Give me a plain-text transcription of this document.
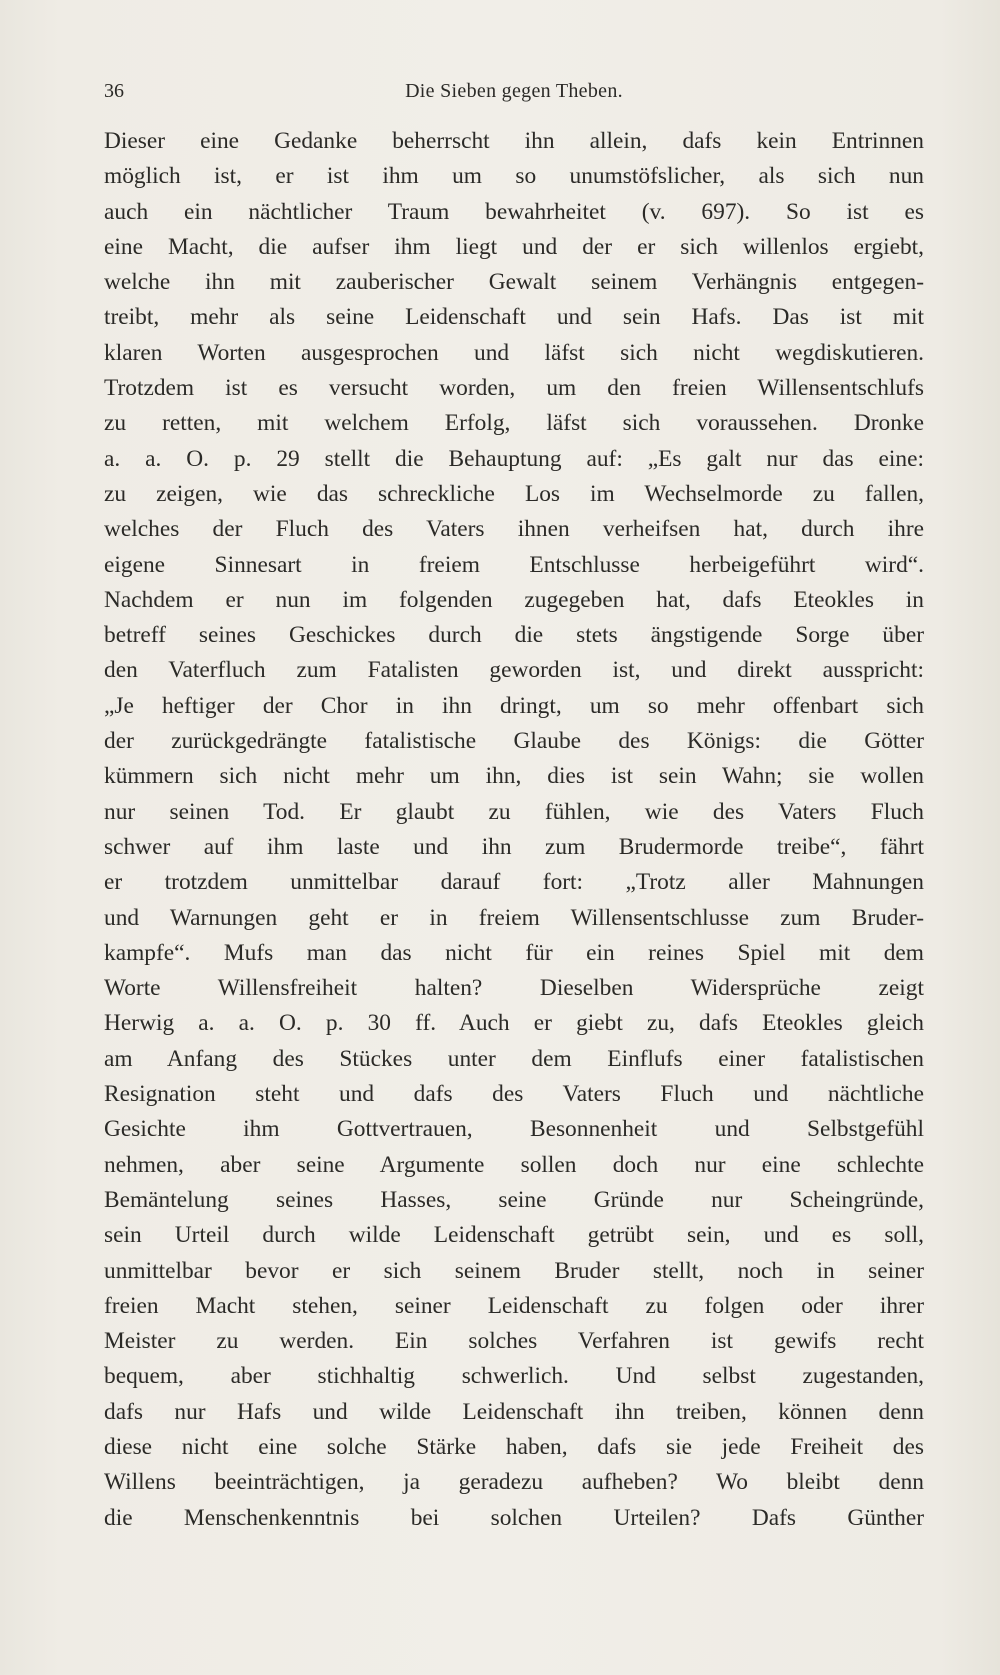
36	Die Sieben gegen Theben.
Dieser eine Gedanke beherrscht ihn allein, dafs kein Entrinnen
möglich ist, er ist ihm um so unumstöfslicher, als sich nun
auch ein nächtlicher Traum bewahrheitet (v. 697). So ist es
eine Macht, die aufser ihm liegt und der er sich willenlos ergiebt,
welche ihn mit zauberischer Gewalt seinem Verhängnis entgegen-
treibt, mehr als seine Leidenschaft und sein Hafs. Das ist mit
klaren Worten ausgesprochen und läfst sich nicht wegdiskutieren.
Trotzdem ist es versucht worden, um den freien Willensentschlufs
zu retten, mit welchem Erfolg, läfst sich voraussehen. Dronke
a. a. O. p. 29 stellt die Behauptung auf: „Es galt nur das eine:
zu zeigen, wie das schreckliche Los im Wechselmorde zu fallen,
welches der Fluch des Vaters ihnen verheifsen hat, durch ihre
eigene Sinnesart in freiem Entschlusse herbeigeführt wird“.
Nachdem er nun im folgenden zugegeben hat, dafs Eteokles in
betreff seines Geschickes durch die stets ängstigende Sorge über
den Vaterfluch zum Fatalisten geworden ist, und direkt ausspricht:
„Je heftiger der Chor in ihn dringt, um so mehr offenbart sich
der zurückgedrängte fatalistische Glaube des Königs: die Götter
kümmern sich nicht mehr um ihn, dies ist sein Wahn; sie wollen
nur seinen Tod. Er glaubt zu fühlen, wie des Vaters Fluch
schwer auf ihm laste und ihn zum Brudermorde treibe“, fährt
er trotzdem unmittelbar darauf fort: „Trotz aller Mahnungen
und Warnungen geht er in freiem Willensentschlusse zum Bruder-
kampfe“. Mufs man das nicht für ein reines Spiel mit dem
Worte Willensfreiheit halten? Dieselben Widersprüche zeigt
Herwig a. a. O. p. 30 ff. Auch er giebt zu, dafs Eteokles gleich
am Anfang des Stückes unter dem Einflufs einer fatalistischen
Resignation steht und dafs des Vaters Fluch und nächtliche
Gesichte ihm Gottvertrauen, Besonnenheit und Selbstgefühl
nehmen, aber seine Argumente sollen doch nur eine schlechte
Bemäntelung seines Hasses, seine Gründe nur Scheingründe,
sein Urteil durch wilde Leidenschaft getrübt sein, und es soll,
unmittelbar bevor er sich seinem Bruder stellt, noch in seiner
freien Macht stehen, seiner Leidenschaft zu folgen oder ihrer
Meister zu werden. Ein solches Verfahren ist gewifs recht
bequem, aber stichhaltig schwerlich. Und selbst zugestanden,
dafs nur Hafs und wilde Leidenschaft ihn treiben, können denn
diese nicht eine solche Stärke haben, dafs sie jede Freiheit des
Willens beeinträchtigen, ja geradezu aufheben? Wo bleibt denn
die Menschenkenntnis bei solchen Urteilen? Dafs Günther
